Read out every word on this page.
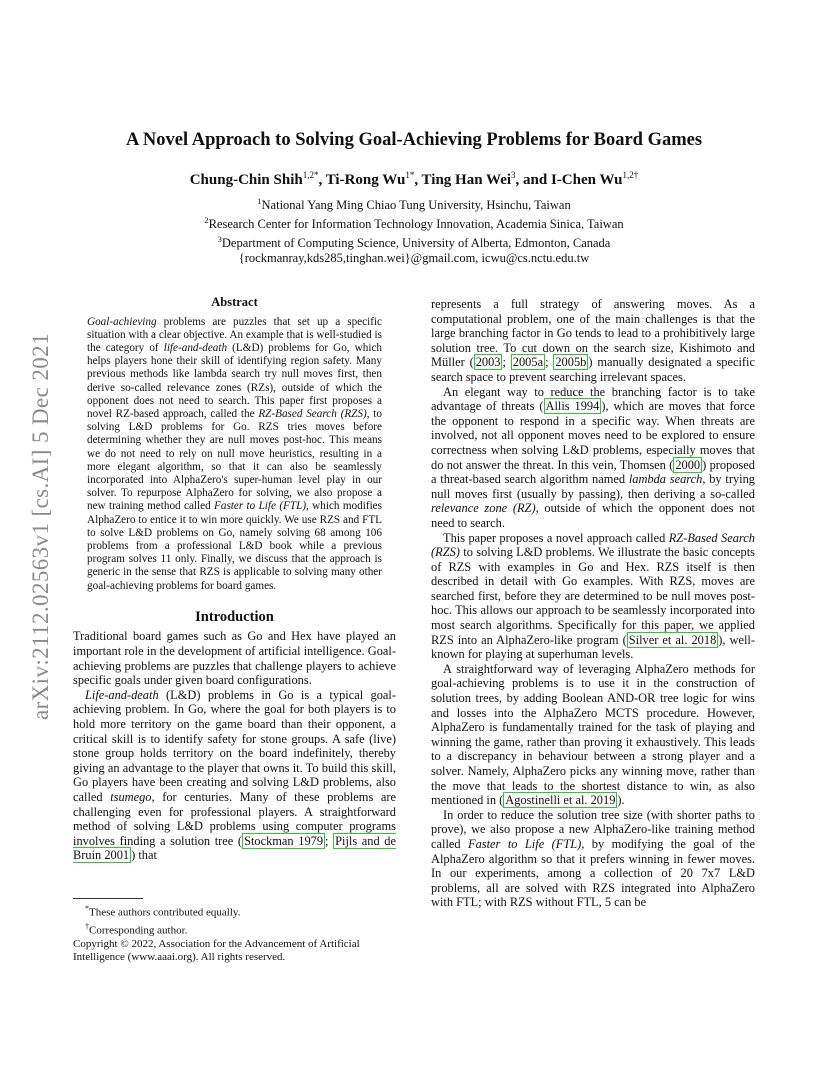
arXiv:2112.02563v1 [cs.AI] 5 Dec 2021
A Novel Approach to Solving Goal-Achieving Problems for Board Games
Chung-Chin Shih$^{1,2*}$, Ti-Rong $Wu^{1*}$, Ting Han Wei$^3$, and I-Chen $Wu^{1,2\dagger}$
$^1$National Yang Ming Chiao Tung University, Hsinchu, Taiwan
$^2$Research Center for Information Technology Innovation, Academia Sinica, Taiwan
$^3$Department of Computing Science, University of Alberta, Edmonton, Canada
{rockmanray,kds285,tinghan.wei}@gmail.com, icwu@cs.nctu.edu.tw
Abstract

Goal-achieving problems are puzzles that set up a specific situation with a clear objective. An example that is well-studied is the category of life-and-death (L&D) problems for Go, which helps players hone their skill of identifying region safety. Many previous methods like lambda search try null moves first, then derive so-called relevance zones (RZs), outside of which the opponent does not need to search. This paper first proposes a novel RZ-based approach, called the RZ-Based Search (RZS), to solving L&D problems for Go. RZS tries moves before determining whether they are null moves post-hoc. This means we do not need to rely on null move heuristics, resulting in a more elegant algorithm, so that it can also be seamlessly incorporated into AlphaZero's super-human level play in our solver. To repurpose AlphaZero for solving, we also propose a new training method called Faster to Life (FTL), which modifies AlphaZero to entice it to win more quickly. We use RZS and FTL to solve L&D problems on Go, namely solving 68 among 106 problems from a professional L&D book while a previous program solves 11 only. Finally, we discuss that the approach is generic in the sense that RZS is applicable to solving many other goal-achieving problems for board games.

Introduction

Traditional board games such as Go and Hex have played an important role in the development of artificial intelligence. Goal-achieving problems are puzzles that challenge players to achieve specific goals under given board configurations.

Life-and-death (L&D) problems in Go is a typical goal-achieving problem. In Go, where the goal for both players is to hold more territory on the game board than their opponent, a critical skill is to identify safety for stone groups. A safe (live) stone group holds territory on the board indefinitely, thereby giving an advantage to the player that owns it. To build this skill, Go players have been creating and solving L&D problems, also called tsumego, for centuries. Many of these problems are challenging even for professional players. A straightforward method of solving L&D problems using computer programs involves finding a solution tree ( Stockman 1979 ; Pijls and de Bruin 2001 ) that

*These authors contributed equally.
†Corresponding author.
Copyright © 2022, Association for the Advancement of Artificial Intelligence (www.aaai.org). All rights reserved.

represents a full strategy of answering moves. As a computational problem, one of the main challenges is that the large branching factor in Go tends to lead to a prohibitively large solution tree. To cut down on the search size, Kishimoto and Müller ( 2003 ; 2005a ; 2005b ) manually designated a specific search space to prevent searching irrelevant spaces.

An elegant way to reduce the branching factor is to take advantage of threats ( Allis 1994 ), which are moves that force the opponent to respond in a specific way. When threats are involved, not all opponent moves need to be explored to ensure correctness when solving L&D problems, especially moves that do not answer the threat. In this vein, Thomsen ( 2000 ) proposed a threat-based search algorithm named lambda search, by trying null moves first (usually by passing), then deriving a so-called relevance zone (RZ), outside of which the opponent does not need to search.

This paper proposes a novel approach called RZ-Based Search (RZS) to solving L&D problems. We illustrate the basic concepts of RZS with examples in Go and Hex. RZS itself is then described in detail with Go examples. With RZS, moves are searched first, before they are determined to be null moves post-hoc. This allows our approach to be seamlessly incorporated into most search algorithms. Specifically for this paper, we applied RZS into an AlphaZero-like program ( Silver et al. 2018 ), well-known for playing at superhuman levels.

A straightforward way of leveraging AlphaZero methods for goal-achieving problems is to use it in the construction of solution trees, by adding Boolean AND-OR tree logic for wins and losses into the AlphaZero MCTS procedure. However, AlphaZero is fundamentally trained for the task of playing and winning the game, rather than proving it exhaustively. This leads to a discrepancy in behaviour between a strong player and a solver. Namely, AlphaZero picks any winning move, rather than the move that leads to the shortest distance to win, as also mentioned in ( Agostinelli et al. 2019 ).

In order to reduce the solution tree size (with shorter paths to prove), we also propose a new AlphaZero-like training method called Faster to Life (FTL), by modifying the goal of the AlphaZero algorithm so that it prefers winning in fewer moves. In our experiments, among a collection of 20 7x7 L&D problems, all are solved with RZS integrated into AlphaZero with FTL; with RZS without FTL, 5 can be
